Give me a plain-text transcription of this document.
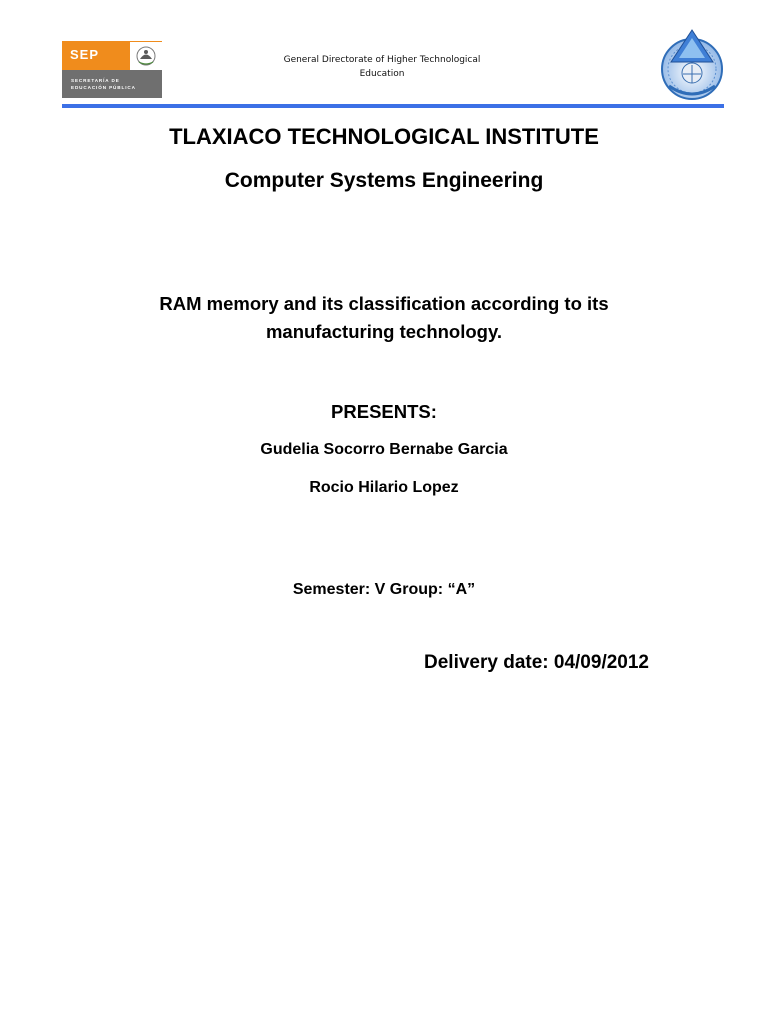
SEP
SECRETARÍA DE EDUCACIÓN PÚBLICA
General Directorate of Higher Technological Education
TLAXIACO TECHNOLOGICAL INSTITUTE
Computer Systems Engineering
RAM memory and its classification according to its manufacturing technology.
PRESENTS:
Gudelia Socorro Bernabe Garcia
Rocio Hilario Lopez
Semester: V Group: “A”
Delivery date: 04/09/2012
